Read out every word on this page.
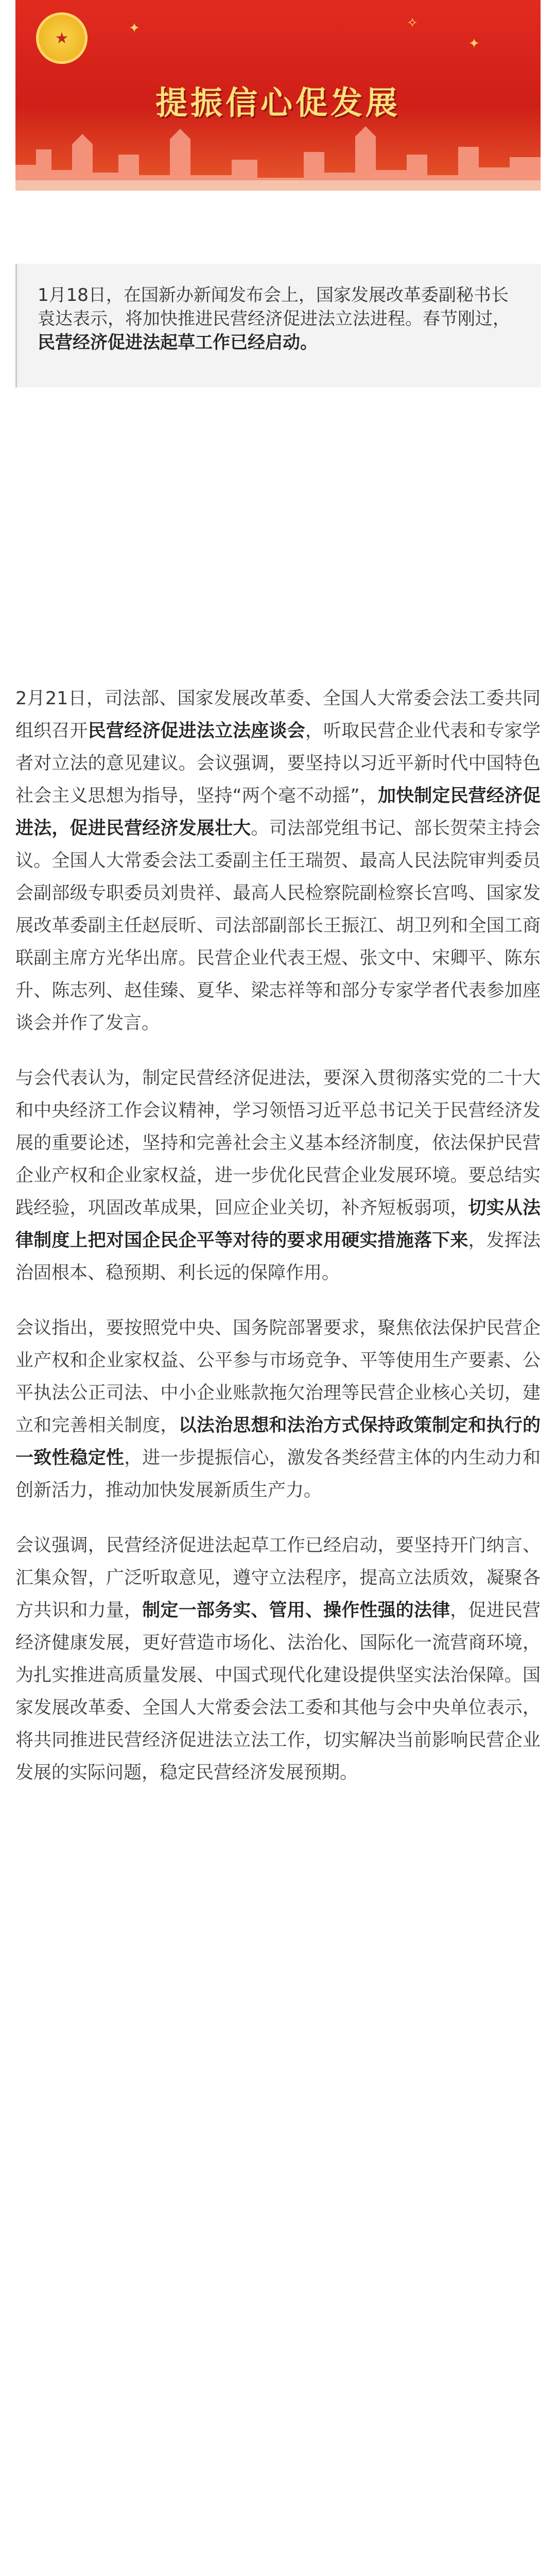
★
✦
✦
✧
提振信心促发展

1月18日，在国新办新闻发布会上，国家发展改革委副秘书长袁达表示，将加快推进民营经济促进法立法进程。春节刚过，民营经济促进法起草工作已经启动。

2月21日，司法部、国家发展改革委、全国人大常委会法工委共同组织召开民营经济促进法立法座谈会，听取民营企业代表和专家学者对立法的意见建议。会议强调，要坚持以习近平新时代中国特色社会主义思想为指导，坚持“两个毫不动摇”，加快制定民营经济促进法，促进民营经济发展壮大。司法部党组书记、部长贺荣主持会议。全国人大常委会法工委副主任王瑞贺、最高人民法院审判委员会副部级专职委员刘贵祥、最高人民检察院副检察长宫鸣、国家发展改革委副主任赵辰昕、司法部副部长王振江、胡卫列和全国工商联副主席方光华出席。民营企业代表王煜、张文中、宋卿平、陈东升、陈志列、赵佳臻、夏华、梁志祥等和部分专家学者代表参加座谈会并作了发言。

与会代表认为，制定民营经济促进法，要深入贯彻落实党的二十大和中央经济工作会议精神，学习领悟习近平总书记关于民营经济发展的重要论述，坚持和完善社会主义基本经济制度，依法保护民营企业产权和企业家权益，进一步优化民营企业发展环境。要总结实践经验，巩固改革成果，回应企业关切，补齐短板弱项，切实从法律制度上把对国企民企平等对待的要求用硬实措施落下来，发挥法治固根本、稳预期、利长远的保障作用。

会议指出，要按照党中央、国务院部署要求，聚焦依法保护民营企业产权和企业家权益、公平参与市场竞争、平等使用生产要素、公平执法公正司法、中小企业账款拖欠治理等民营企业核心关切，建立和完善相关制度，以法治思想和法治方式保持政策制定和执行的一致性稳定性，进一步提振信心，激发各类经营主体的内生动力和创新活力，推动加快发展新质生产力。

会议强调，民营经济促进法起草工作已经启动，要坚持开门纳言、汇集众智，广泛听取意见，遵守立法程序，提高立法质效，凝聚各方共识和力量，制定一部务实、管用、操作性强的法律，促进民营经济健康发展，更好营造市场化、法治化、国际化一流营商环境，为扎实推进高质量发展、中国式现代化建设提供坚实法治保障。国家发展改革委、全国人大常委会法工委和其他与会中央单位表示，将共同推进民营经济促进法立法工作，切实解决当前影响民营企业发展的实际问题，稳定民营经济发展预期。
